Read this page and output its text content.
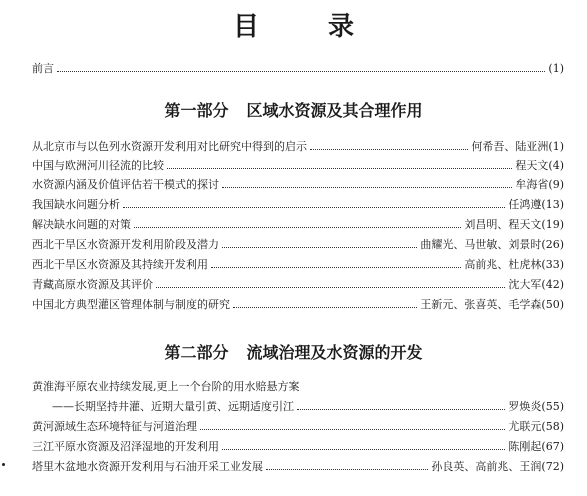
目 录
前言	(1)
第一部分 区域水资源及其合理作用
从北京市与以色列水资源开发利用对比研究中得到的启示	何希吾、陆亚洲 (1)
中国与欧洲河川径流的比较	程天文 (4)
水资源内涵及价值评估若干模式的探讨	牟海省 (9)
我国缺水问题分析	任鸿遵 (13)
解决缺水问题的对策	刘昌明、程天文 (19)
西北干旱区水资源开发利用阶段及潜力	曲耀光、马世敏、刘景时 (26)
西北干旱区水资源及其持续开发利用	高前兆、杜虎林 (33)
青藏高原水资源及其评价	沈大军 (42)
中国北方典型灌区管理体制与制度的研究	王新元、张喜英、毛学森 (50)
第二部分 流域治理及水资源的开发
黄淮海平原农业持续发展,更上一个台阶的用水赔悬方案
——长期坚持井灌、近期大量引黄、远期适度引江	罗焕炎 (55)
黄河源域生态环境特征与河道治理	尤联元 (58)
三江平原水资源及沼泽湿地的开发利用	陈刚起 (67)
塔里木盆地水资源开发利用与石油开采工业发展	孙良英、高前兆、王润 (72)
